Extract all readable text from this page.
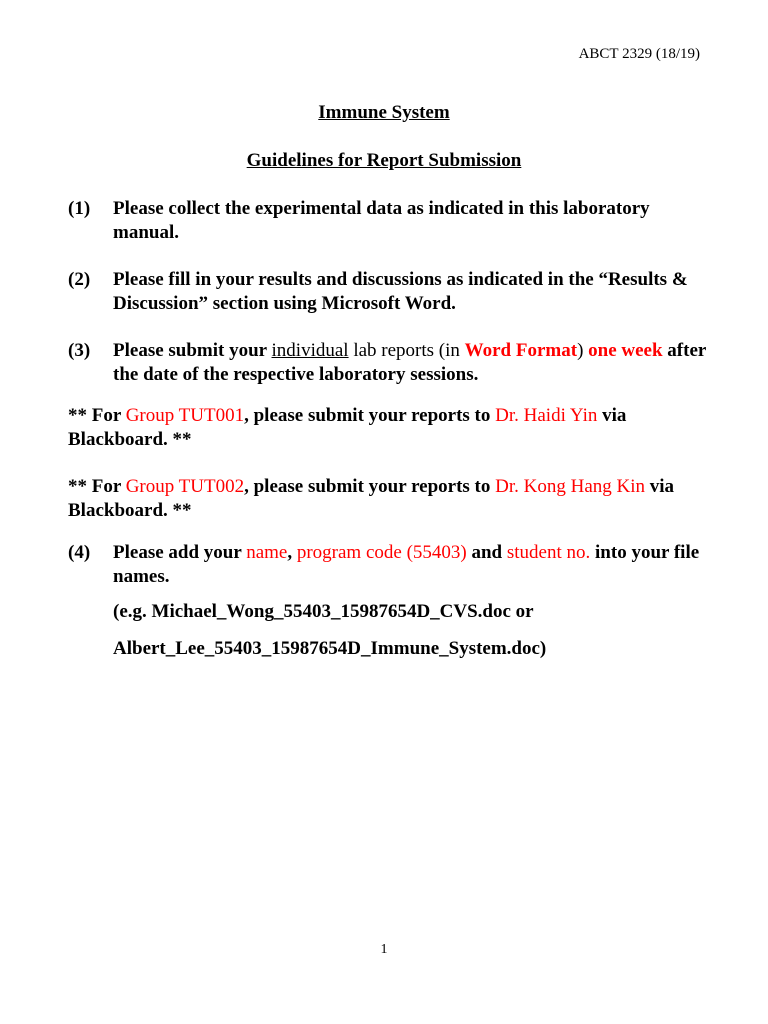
ABCT 2329 (18/19)
Immune System
Guidelines for Report Submission
(1)	Please collect the experimental data as indicated in this laboratory manual.
(2)	Please fill in your results and discussions as indicated in the “Results & Discussion” section using Microsoft Word.
(3)	Please submit your individual lab reports (in Word Format) one week after the date of the respective laboratory sessions.
** For Group TUT001, please submit your reports to Dr. Haidi Yin via Blackboard. **
** For Group TUT002, please submit your reports to Dr. Kong Hang Kin via Blackboard. **
(4)	Please add your name, program code (55403) and student no. into your file names.
(e.g. Michael_Wong_55403_15987654D_CVS.doc or
Albert_Lee_55403_15987654D_Immune_System.doc)
1
